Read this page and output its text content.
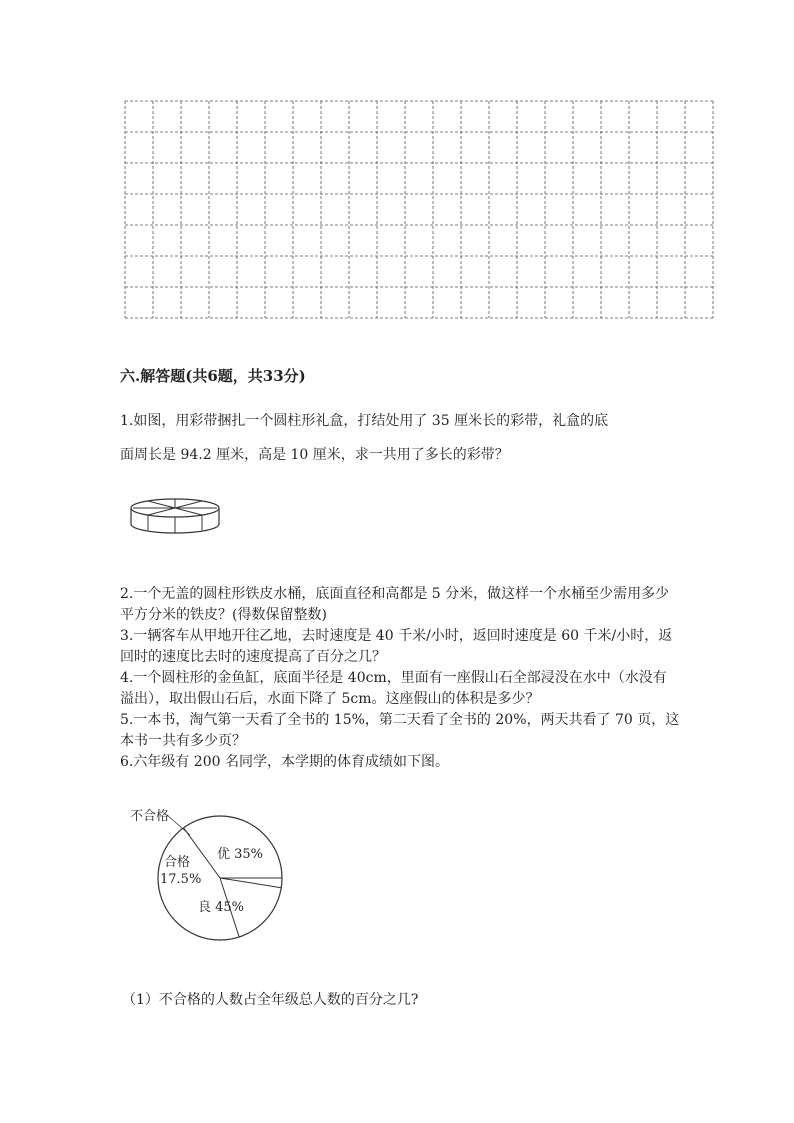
六.解答题(共6题，共33分)
1.如图，用彩带捆扎一个圆柱形礼盒，打结处用了 35 厘米长的彩带，礼盒的底
面周长是 94.2 厘米，高是 10 厘米，求一共用了多长的彩带？

2.一个无盖的圆柱形铁皮水桶，底面直径和高都是 5 分米，做这样一个水桶至少需用多少平方分米的铁皮？(得数保留整数)

3.一辆客车从甲地开往乙地，去时速度是 40 千米/小时，返回时速度是 60 千米/小时，返回时的速度比去时的速度提高了百分之几？

4.一个圆柱形的金鱼缸，底面半径是 40cm，里面有一座假山石全部浸没在水中（水没有溢出），取出假山石后，水面下降了 5cm。这座假山的体积是多少？

5.一本书，淘气第一天看了全书的 15%，第二天看了全书的 20%，两天共看了 70 页，这本书一共有多少页？

6.六年级有 200 名同学，本学期的体育成绩如下图。

不合格
优 35%
合格
17.5%
良 45%
（1）不合格的人数占全年级总人数的百分之几?
